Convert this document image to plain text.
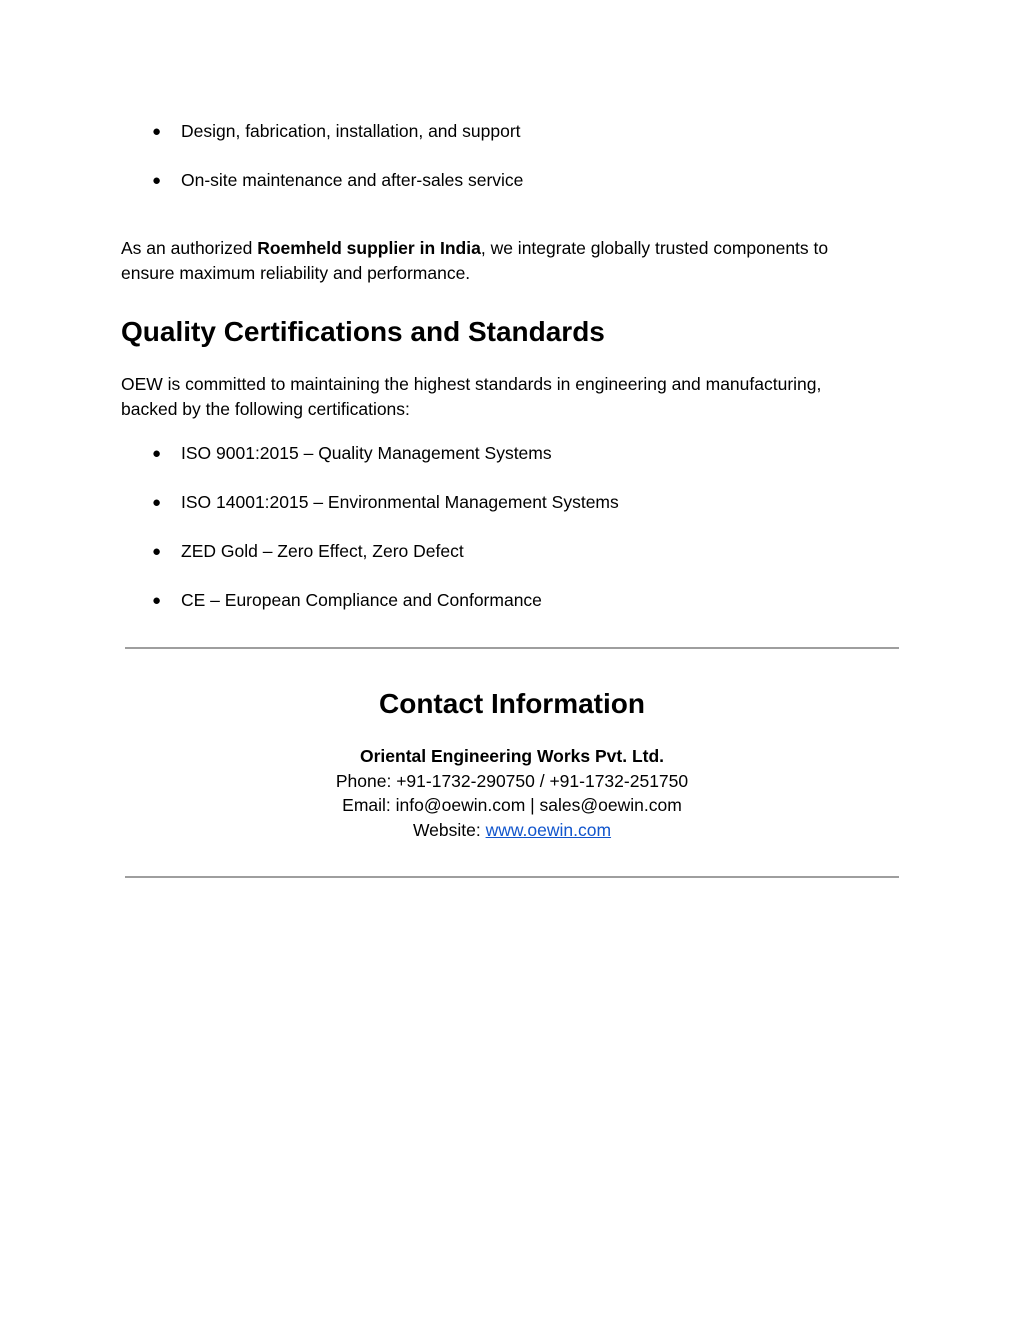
● Design, fabrication, installation, and support
● On-site maintenance and after-sales service

As an authorized Roemheld supplier in India, we integrate globally trusted components to ensure maximum reliability and performance.

Quality Certifications and Standards

OEW is committed to maintaining the highest standards in engineering and manufacturing, backed by the following certifications:

● ISO 9001:2015 – Quality Management Systems
● ISO 14001:2015 – Environmental Management Systems
● ZED Gold – Zero Effect, Zero Defect
● CE – European Compliance and Conformance
Contact Information
Oriental Engineering Works Pvt. Ltd.
Phone: +91-1732-290750 / +91-1732-251750
Email: info@oewin.com | sales@oewin.com
Website: www.oewin.com
